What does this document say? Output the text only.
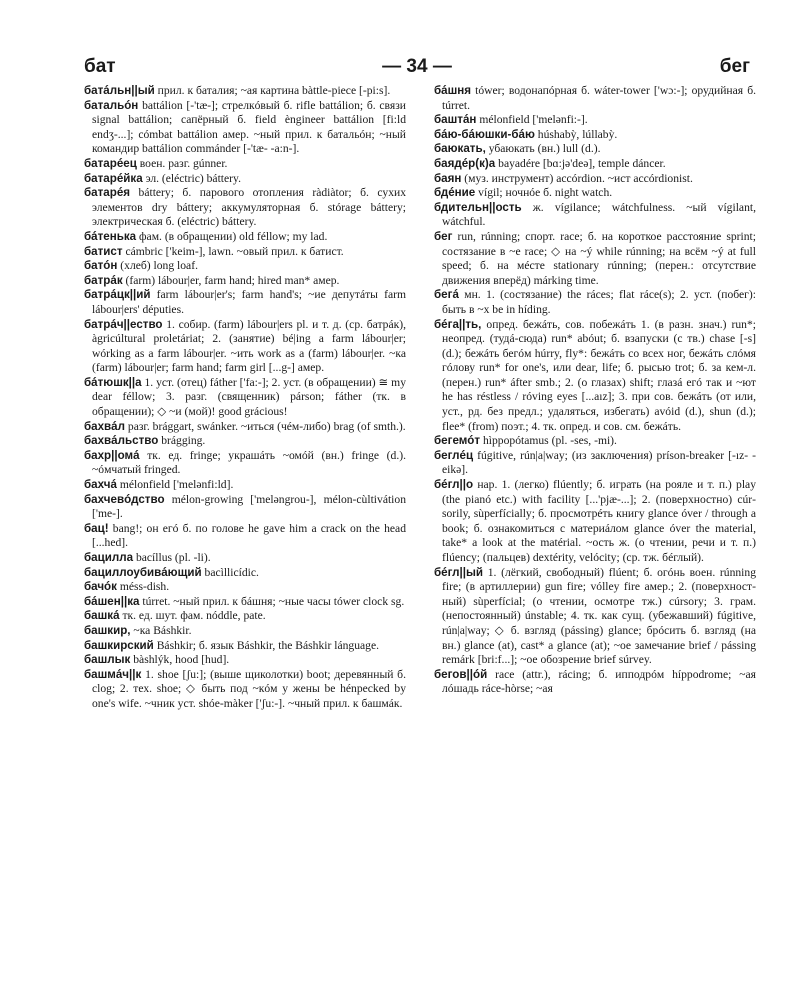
бат	— 34 —	бег
батáльн||ый прил. к баталия; ~ая картина bàttle-piece [-pi:s].
батальóн battálion [-'tæ-]; стрелкóвый б. rifle battálion; б. связи signal battálion; сапёрный б. field èngineer battálion [fi:ld endʒ-...]; cómbat battálion амер. ~ный прил. к батальóн; ~ный командир battálion commánder [-'tæ- -a:n-].
батарéец воен. разг. gúnner.
батарéйка эл. (eléctric) báttery.
батарéя báttery; б. парового отопления ràdiàtor; б. сухих элементов dry báttery; аккумуляторная б. stórage báttery; электрическая б. (eléctric) báttery.
бáтенька фам. (в обращении) old féllow; my lad.
батист cámbric ['keim-], lawn. ~овый прил. к батист.
батóн (хлеб) long loaf.
батрáк (farm) lábour|er, farm hand; hired man* амер.
батрáцк||ий farm lábour|er's; farm hand's; ~ие депутáты farm lábour|ers' députies.
батрáч||ество 1. собир. (farm) lábour|ers pl. и т. д. (ср. батрáк), àgricúltural proletáriat; 2. (занятие) bé|ing a farm lábour|er; wórking as a farm lábour|er. ~ить work as a (farm) lábour|er. ~ка (farm) lábour|er; farm hand; farm girl [...g-] амер.
бáтюшк||а 1. уст. (отец) fáther ['fa:-]; 2. уст. (в обращении) ≅ my dear féllow; 3. разг. (священник) párson; fáther (тк. в обращении); ◇ ~и (мой)! good grácious!
бахвáл разг. brággart, swánker. ~иться (чéм-либо) brag (of smth.).
бахвáльство brágging.
бахр||омá тк. ед. fringe; украшáть ~омóй (вн.) fringe (d.). ~óмчатый fringed.
бахчá mélonfield ['melənfi:ld].
бахчевóдство mélon-growing ['meləngrou-], mélon-cùltivátion ['me-].
бац! bang!; он егó б. по голове he gave him a crack on the head [...hed].
бацилла bacíllus (pl. -li).
бациллоубивáющий bacìllicídic.
бачóк méss-dish.
бáшен||ка túrret. ~ный прил. к бáшня; ~ные часы tówer clock sg.
башкá тк. ед. шут. фам. nóddle, pate.
башкир, ~ка Báshkir.
башкирский Báshkir; б. язык Báshkir, the Báshkir lánguage.
башлык bàshlýk, hood [hud].
башмáч||к 1. shoe [ʃu:]; (выше щиколотки) boot; деревянный б. clog; 2. тех. shoe; ◇ быть под ~кóм у жены be hénpecked by one's wife. ~чник уст. shóe-màker ['ʃu:-]. ~чный прил. к башмáк.
бáшня tówer; водонапóрная б. wáter-tower ['wɔ:-]; орудийная б. túrret.
баштáн mélonfield ['melənfi:-].
бáю-бáюшки-бáю húshabỳ, lúllabỳ.
баюкать, убаюкать (вн.) lull (d.).
баядéр(к)а bayadére [bɑ:jə'deə], temple dáncer.
баян (муз. инструмент) accórdion. ~ист accórdionist.
бдéние vígil; ночнóе б. night watch.
бдительн||ость ж. vígilance; wátchfulness. ~ый vígilant, wátchful.
бег run, rúnning; спорт. race; б. на короткое расстояние sprint; состязание в ~е race; ◇ на ~ý while rúnning; на всём ~ý at full speed; б. на мéсте stationary rúnning; (перен.: отсутствие движения вперёд) márking time.
бегá мн. 1. (состязание) the ráces; flat ráce(s); 2. уст. (побег): быть в ~х be in híding.
бéга||ть, опред. бежáть, сов. побежáть 1. (в разн. знач.) run*; неопред. (тудá-сюда) run* abóut; б. взапуски (с тв.) chase [-s] (d.); бежáть бегóм húrry, fly*: бежáть со всех ног, бежáть слóмя гóлову run* for one's, или dear, life; б. рысью trot; б. за кем-л. (перен.) run* áfter smb.; 2. (о глазах) shift; глазá егó так и ~ют he has réstless / róving eyes [...aız]; 3. при сов. бежáть (от или, уст., рд. без предл.; удаляться, избегать) avóid (d.), shun (d.); flee* (from) поэт.; 4. тк. опред. и сов. см. бежáть.
бегемóт hìppopótamus (pl. -ses, -mi).
беглéц fúgitive, rún|a|way; (из заключения) príson-breaker [-ız- -eikə].
бéгл||о нар. 1. (легко) flúently; б. играть (на роялe и т. п.) play (the pianó etc.) with facility [...'pjæ-...]; 2. (поверхностно) cúrsorily, sùperfícially; б. просмотрéть книгу glance óver / through a book; б. ознакомиться с материáлом glance óver the material, take* a look at the matérial. ~ость ж. (о чтении, речи и т. п.) flúency; (пальцев) dextérity, velócity; (ср. тж. бéглый).
бéгл||ый 1. (лёгкий, свободный) flúent; б. огóнь воен. rúnning fire; (в артиллерии) gun fire; vólley fire амер.; 2. (поверхностный) sùperfícial; (о чтении, осмотре тж.) cúrsory; 3. грам. (непостоянный) únstable; 4. тк. как сущ. (убежавший) fúgitive, rún|a|way; ◇ б. взгляд (pássing) glance; брóсить б. взгляд (на вн.) glance (at), cast* a glance (at); ~ое замечание brief / pássing remárk [bri:f...]; ~ое обозрение brief súrvey.
бегов||óй race (attr.), rácing; б. ипподрóм híppodrome; ~ая лóшадь ráce-hòrse; ~ая
